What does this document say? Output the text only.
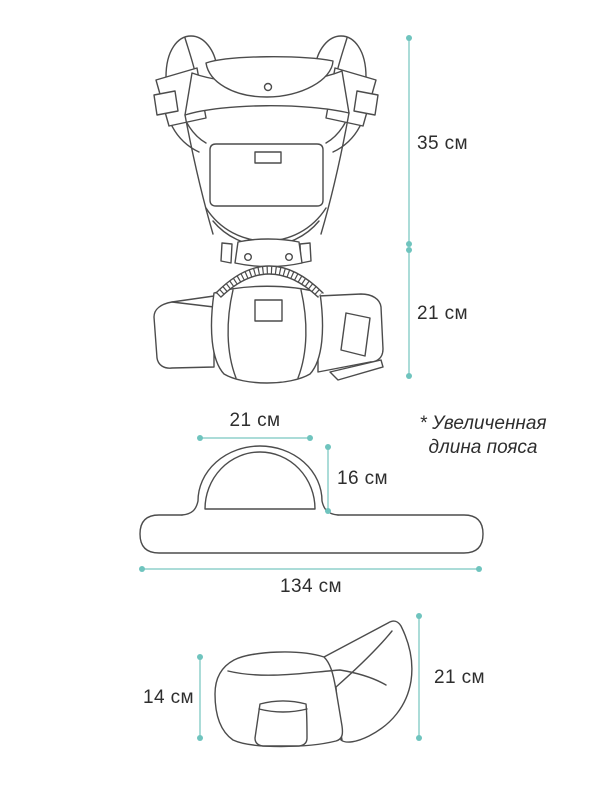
35 см
21 см
21 см
16 см
134 см
* Увеличенная
длина пояса
14 см
21 см
